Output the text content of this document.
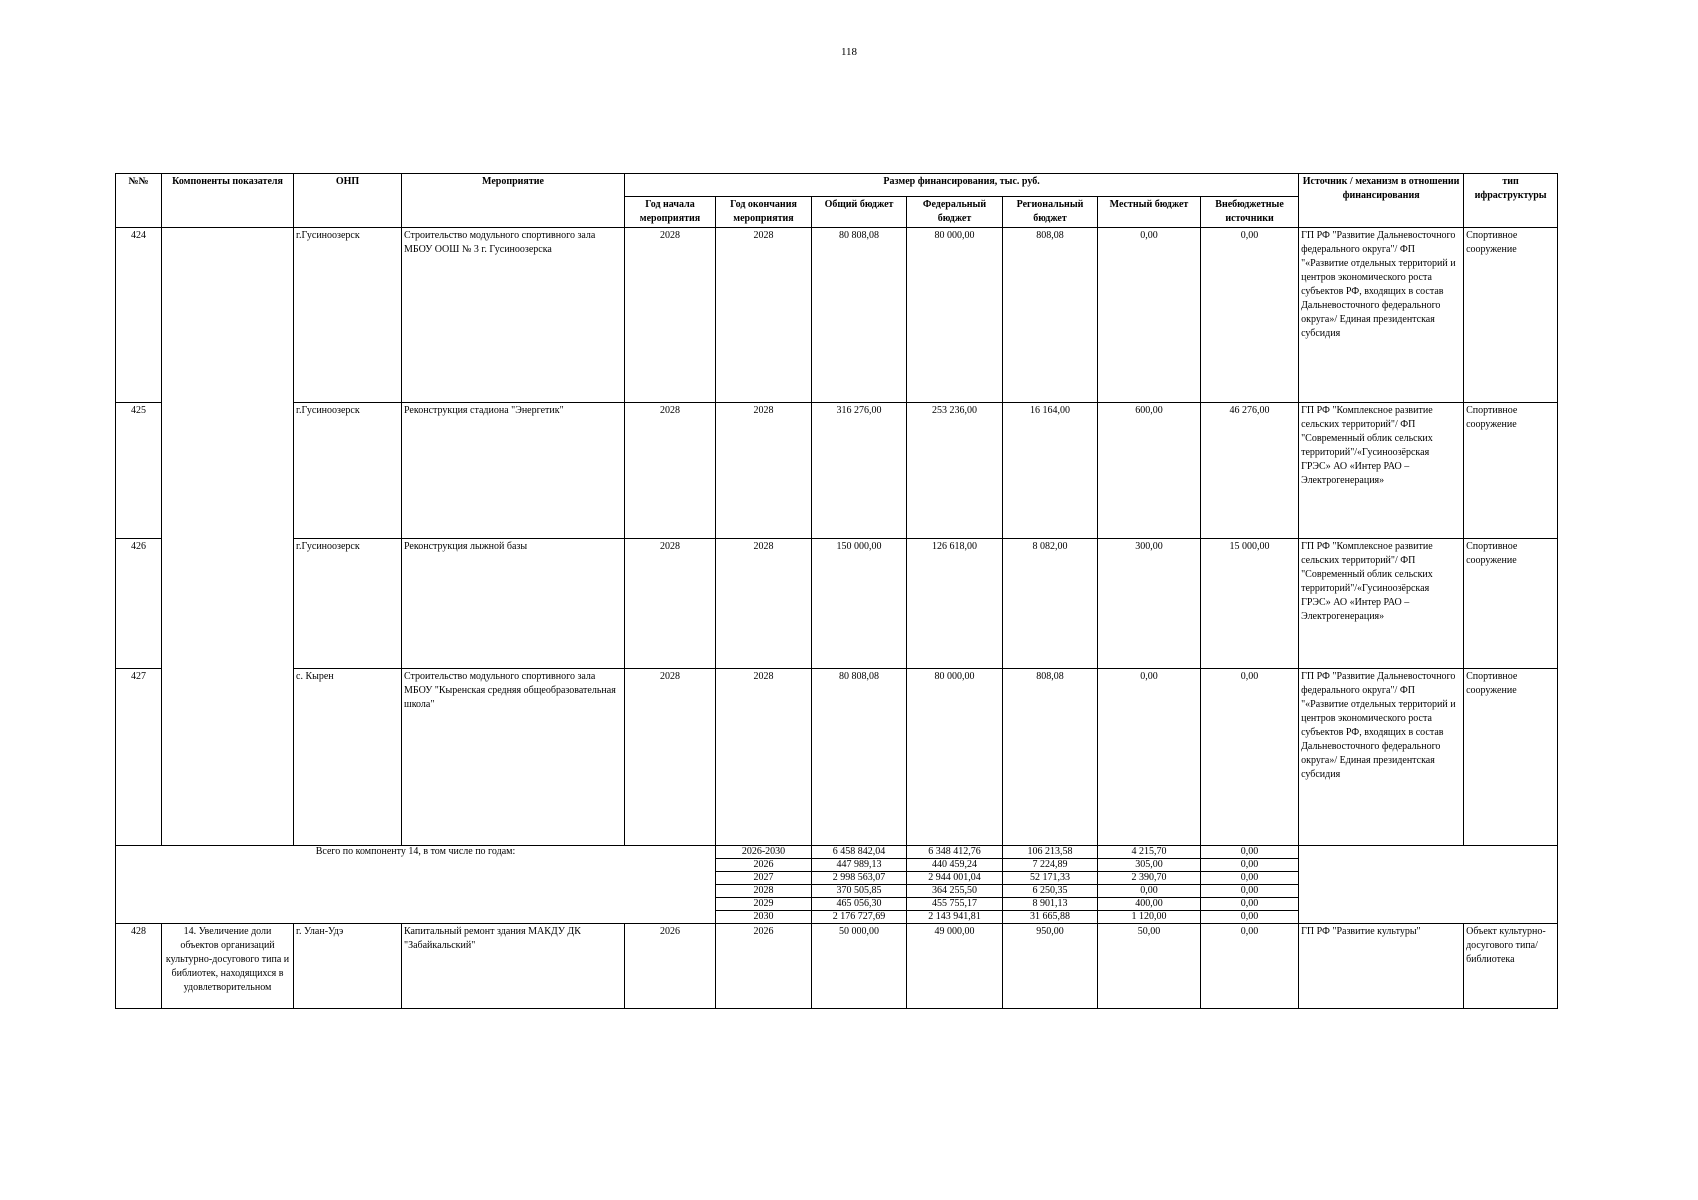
118
№№	Компоненты показателя	ОНП	Мероприятие	Размер финансирования, тыс. руб.							Источник / механизм в отношении финансирования	тип ифраструктуры
				Год начала мероприятия	Год окончания мероприятия	Общий бюджет	Федеральный бюджет	Региональный бюджет	Местный бюджет	Внебюджетные источники		
424		г.Гусиноозерск	Строительство модульного спортивного зала МБОУ ООШ № 3 г. Гусиноозерска	2028	2028	80 808,08	80 000,00	808,08	0,00	0,00	ГП РФ "Развитие Дальневосточного федерального округа"/ ФП "«Развитие отдельных территорий и центров экономического роста субъектов РФ, входящих в состав Дальневосточного федерального округа»/ Единая президентская субсидия	Спортивное сооружение
425		г.Гусиноозерск	Реконструкция стадиона "Энергетик"	2028	2028	316 276,00	253 236,00	16 164,00	600,00	46 276,00	ГП РФ "Комплексное развитие сельских территорий"/ ФП "Современный облик сельских территорий"/«Гусиноозёрская ГРЭС» АО «Интер РАО – Электрогенерация»	Спортивное сооружение
426		г.Гусиноозерск	Реконструкция лыжной базы	2028	2028	150 000,00	126 618,00	8 082,00	300,00	15 000,00	ГП РФ "Комплексное развитие сельских территорий"/ ФП "Современный облик сельских территорий"/«Гусиноозёрская ГРЭС» АО «Интер РАО – Электрогенерация»	Спортивное сооружение
427		с. Кырен	Строительство модульного спортивного зала МБОУ "Кыренская средняя общеобразовательная школа"	2028	2028	80 808,08	80 000,00	808,08	0,00	0,00	ГП РФ "Развитие Дальневосточного федерального округа"/ ФП "«Развитие отдельных территорий и центров экономического роста субъектов РФ, входящих в состав Дальневосточного федерального округа»/ Единая президентская субсидия	Спортивное сооружение
Всего по компоненту 14, в том числе по годам:					2026-2030	6 458 842,04	6 348 412,76	106 213,58	4 215,70	0,00		
					2026	447 989,13	440 459,24	7 224,89	305,00	0,00		
					2027	2 998 563,07	2 944 001,04	52 171,33	2 390,70	0,00		
					2028	370 505,85	364 255,50	6 250,35	0,00	0,00		
					2029	465 056,30	455 755,17	8 901,13	400,00	0,00		
					2030	2 176 727,69	2 143 941,81	31 665,88	1 120,00	0,00		
428	14. Увеличение доли объектов организаций культурно-досугового типа и библиотек, находящихся в удовлетворительном	г. Улан-Удэ	Капитальный ремонт здания МАКДУ ДК "Забайкальский"	2026	2026	50 000,00	49 000,00	950,00	50,00	0,00	ГП РФ "Развитие культуры"	Объект культурно-досугового типа/библиотека
